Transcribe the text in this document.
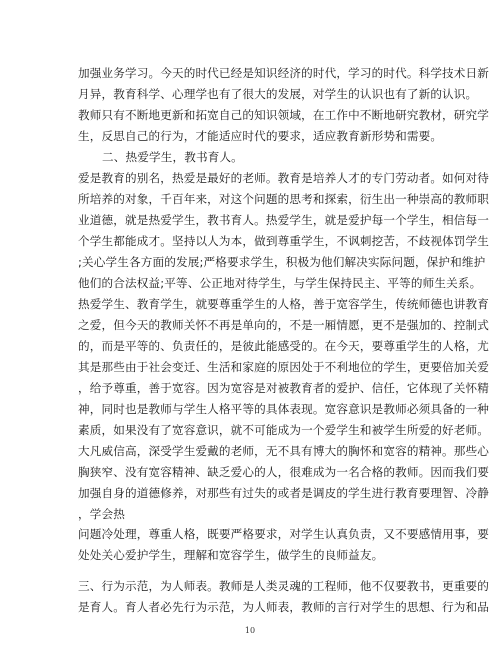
加强业务学习。今天的时代已经是知识经济的时代，学习的时代。科学技术日新
月异，教育科学、心理学也有了很大的发展，对学生的认识也有了新的认识。
教师只有不断地更新和拓宽自己的知识领域，在工作中不断地研究教材，研究学
生，反思自己的行为，才能适应时代的要求，适应教育新形势和需要。
二、热爱学生，教书育人。
爱是教育的别名，热爱是最好的老师。教育是培养人才的专门劳动者。如何对待
所培养的对象，千百年来，对这个问题的思考和探索，衍生出一种崇高的教师职
业道德，就是热爱学生，教书育人。热爱学生，就是爱护每一个学生，相信每一
个学生都能成才。坚持以人为本，做到尊重学生，不讽刺挖苦，不歧视体罚学生
;关心学生各方面的发展;严格要求学生，积极为他们解决实际问题，保护和维护
他们的合法权益;平等、公正地对待学生，与学生保持民主、平等的师生关系。
热爱学生、教育学生，就要尊重学生的人格，善于宽容学生，传统师德也讲教育
之爱，但今天的教师关怀不再是单向的，不是一厢情愿，更不是强加的、控制式
的，而是平等的、负责任的，是彼此能感受的。在今天，要尊重学生的人格，尤
其是那些由于社会变迁、生活和家庭的原因处于不利地位的学生，更要倍加关爱
，给予尊重，善于宽容。因为宽容是对被教育者的爱护、信任，它体现了关怀精
神，同时也是教师与学生人格平等的具体表现。宽容意识是教师必须具备的一种
素质，如果没有了宽容意识，就不可能成为一个爱学生和被学生所爱的好老师。
大凡威信高，深受学生爱戴的老师，无不具有博大的胸怀和宽容的精神。那些心
胸狭窄、没有宽容精神、缺乏爱心的人，很难成为一名合格的教师。因而我们要
加强自身的道德修养，对那些有过失的或者是调皮的学生进行教育要理智、冷静
，学会热
问题冷处理，尊重人格，既要严格要求，对学生认真负责，又不要感情用事，要
处处关心爱护学生，理解和宽容学生，做学生的良师益友。
三、行为示范，为人师表。教师是人类灵魂的工程师，他不仅要教书，更重要的
是育人。育人者必先行为示范，为人师表，教师的言行对学生的思想、行为和品
10
